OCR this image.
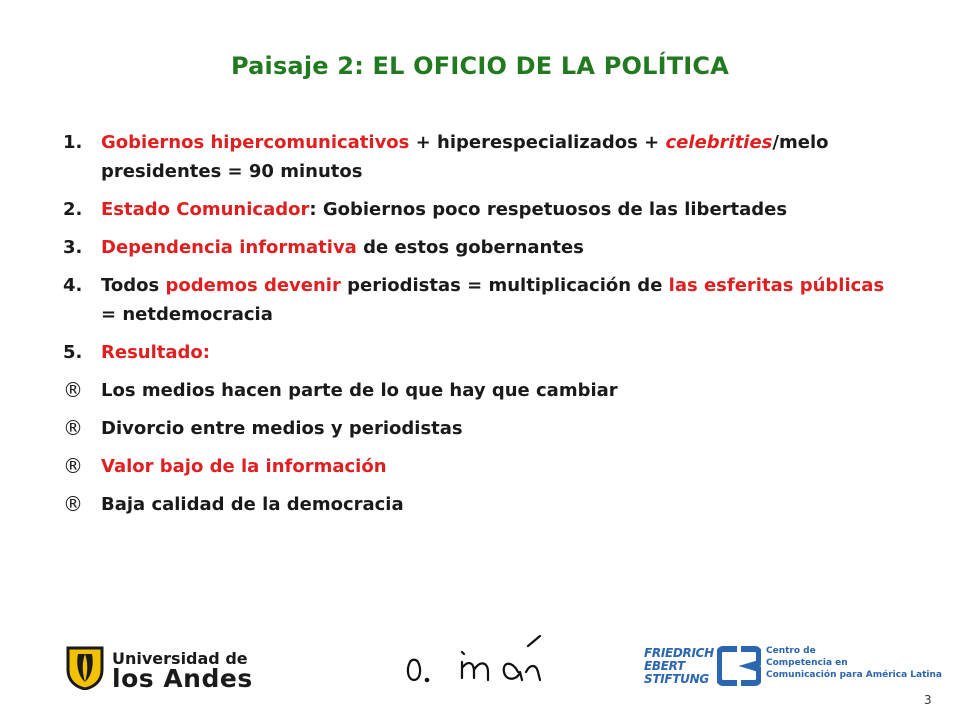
Paisaje 2: EL OFICIO DE LA POLÍTICA
1. Gobiernos hipercomunicativos + hiperespecializados + celebrities/melo presidentes = 90 minutos
2. Estado Comunicador: Gobiernos poco respetuosos de las libertades
3. Dependencia informativa de estos gobernantes
4. Todos podemos devenir periodistas = multiplicación de las esferitas públicas = netdemocracia
5. Resultado:
® Los medios hacen parte de lo que hay que cambiar
® Divorcio entre medios y periodistas
® Valor bajo de la información
® Baja calidad de la democracia
Universidad de
los Andes
FRIEDRICH
EBERT
STIFTUNG
Centro de
Competencia en
Comunicación para América Latina
3
